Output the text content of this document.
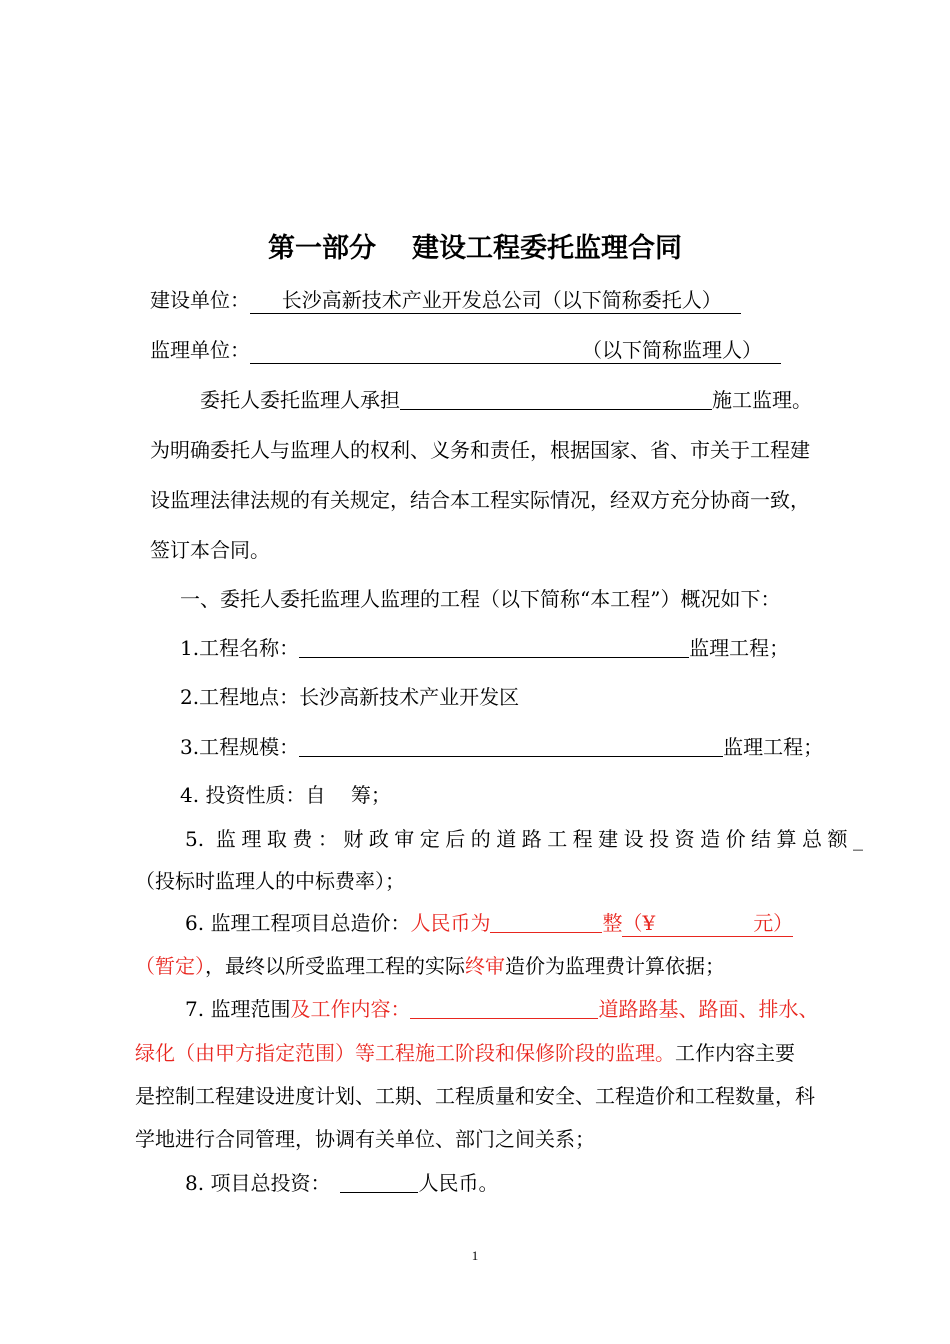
第一部分 建设工程委托监理合同
建设单位： 长沙高新技术产业开发总公司（以下简称委托人）
监理单位：	（以下简称监理人）
委托人委托监理人承担	施工监理。
为明确委托人与监理人的权利、义务和责任，根据国家、省、市关于工程建
设监理法律法规的有关规定，结合本工程实际情况，经双方充分协商一致，
签订本合同。
一、委托人委托监理人监理的工程（以下简称“本工程”）概况如下：
1.工程名称：	监理工程；
2.工程地点：长沙高新技术产业开发区
3.工程规模：	监理工程；
4. 投资性质：自    筹；
5. 监理取费：财政审定后的道路工程建设投资造价结算总额_
（投标时监理人的中标费率）；
6. 监理工程项目总造价：人民币为	整（¥	元）
（暂定），最终以所受监理工程的实际终审造价为监理费计算依据；
7. 监理范围及工作内容：	道路路基、路面、排水、
绿化（由甲方指定范围）等工程施工阶段和保修阶段的监理。工作内容主要
是控制工程建设进度计划、工期、工程质量和安全、工程造价和工程数量，科
学地进行合同管理，协调有关单位、部门之间关系；
8. 项目总投资：	人民币。
1
